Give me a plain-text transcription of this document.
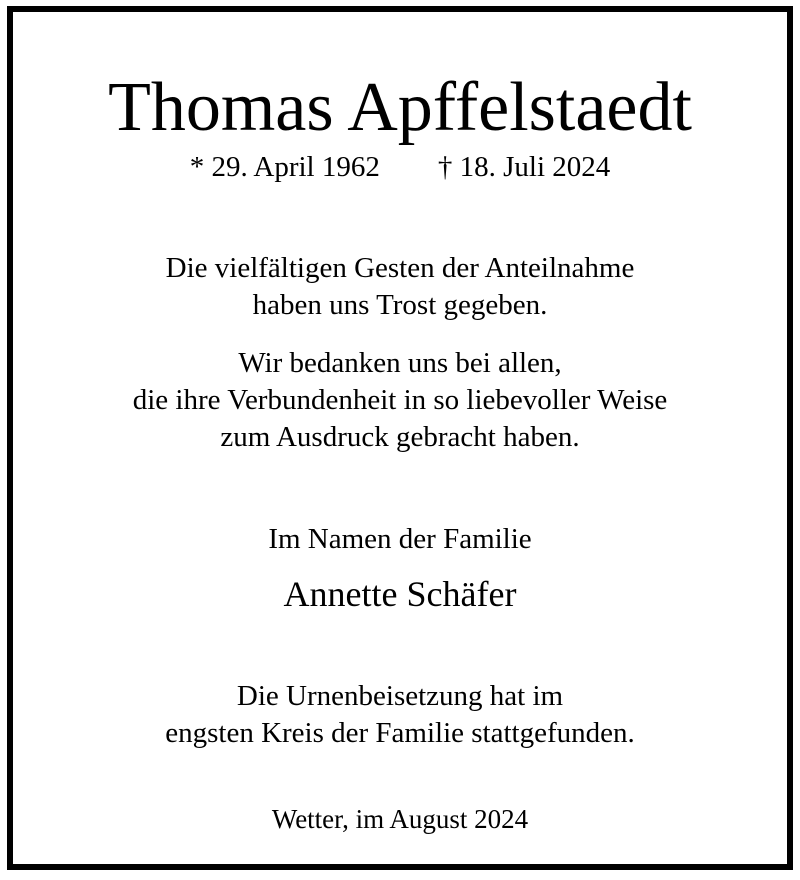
Thomas Apffelstaedt
* 29. April 1962 † 18. Juli 2024
Die vielfältigen Gesten der Anteilnahme
haben uns Trost gegeben.
Wir bedanken uns bei allen,
die ihre Verbundenheit in so liebevoller Weise
zum Ausdruck gebracht haben.
Im Namen der Familie
Annette Schäfer
Die Urnenbeisetzung hat im
engsten Kreis der Familie stattgefunden.
Wetter, im August 2024
